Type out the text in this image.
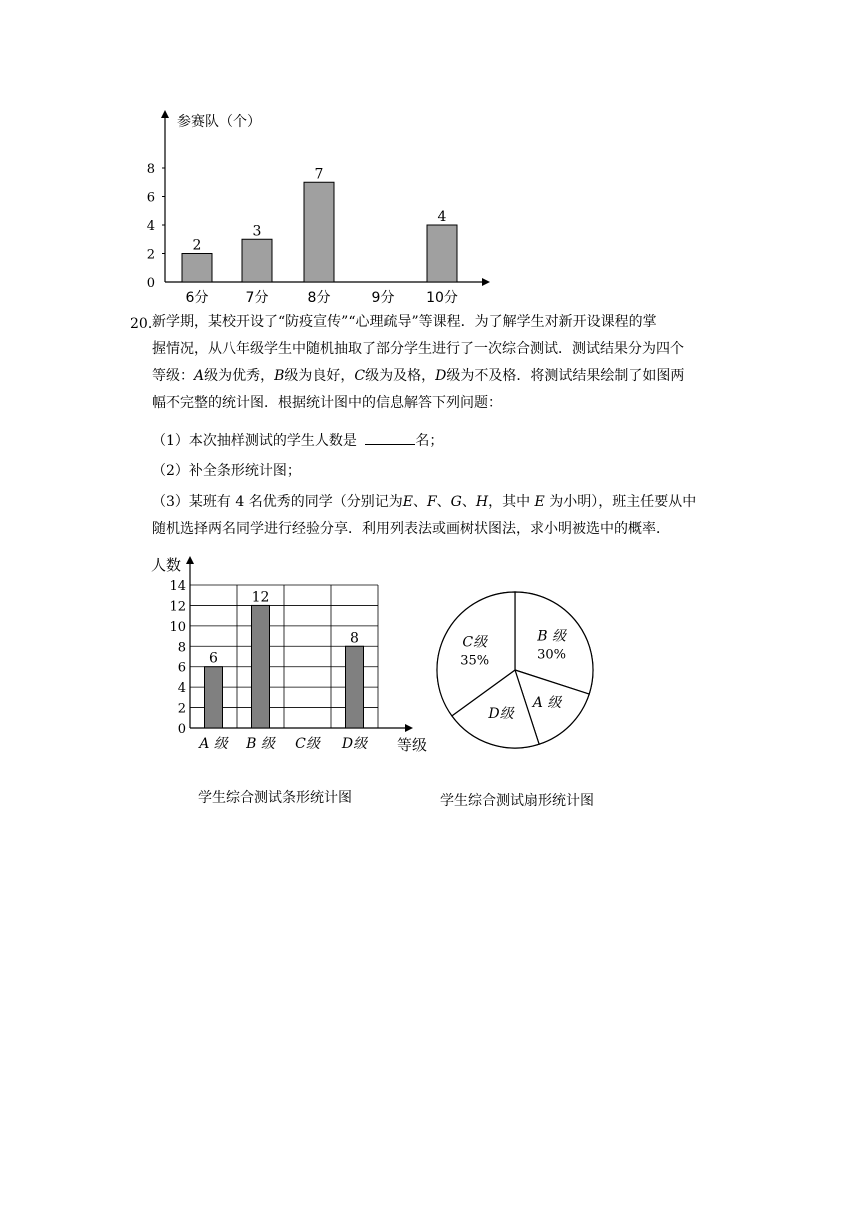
参赛队（个）
0
2
4
6
8
6分
2
7分
3
8分
7
9分 10分
4
20．
新学期，某校开设了“防疫宣传”“心理疏导”等课程．为了解学生对新开设课程的掌
握情况，从八年级学生中随机抽取了部分学生进行了一次综合测试．测试结果分为四个
等级：A级为优秀，B级为良好，C级为及格，D级为不及格．将测试结果绘制了如图两
幅不完整的统计图．根据统计图中的信息解答下列问题：
（1）本次抽样测试的学生人数是	名；
（2）补全条形统计图；
（3）某班有 4 名优秀的同学（分别记为E、F、G、H，其中 E 为小明），班主任要从中
随机选择两名同学进行经验分享．利用列表法或画树状图法，求小明被选中的概率．
0
2
4
6
8
10
12
14
人数
等级
A 级
6
B 级
12
C级 D级
8
学生综合测试条形统计图
B 级
30%
A 级
D级
C级
35%
学生综合测试扇形统计图
